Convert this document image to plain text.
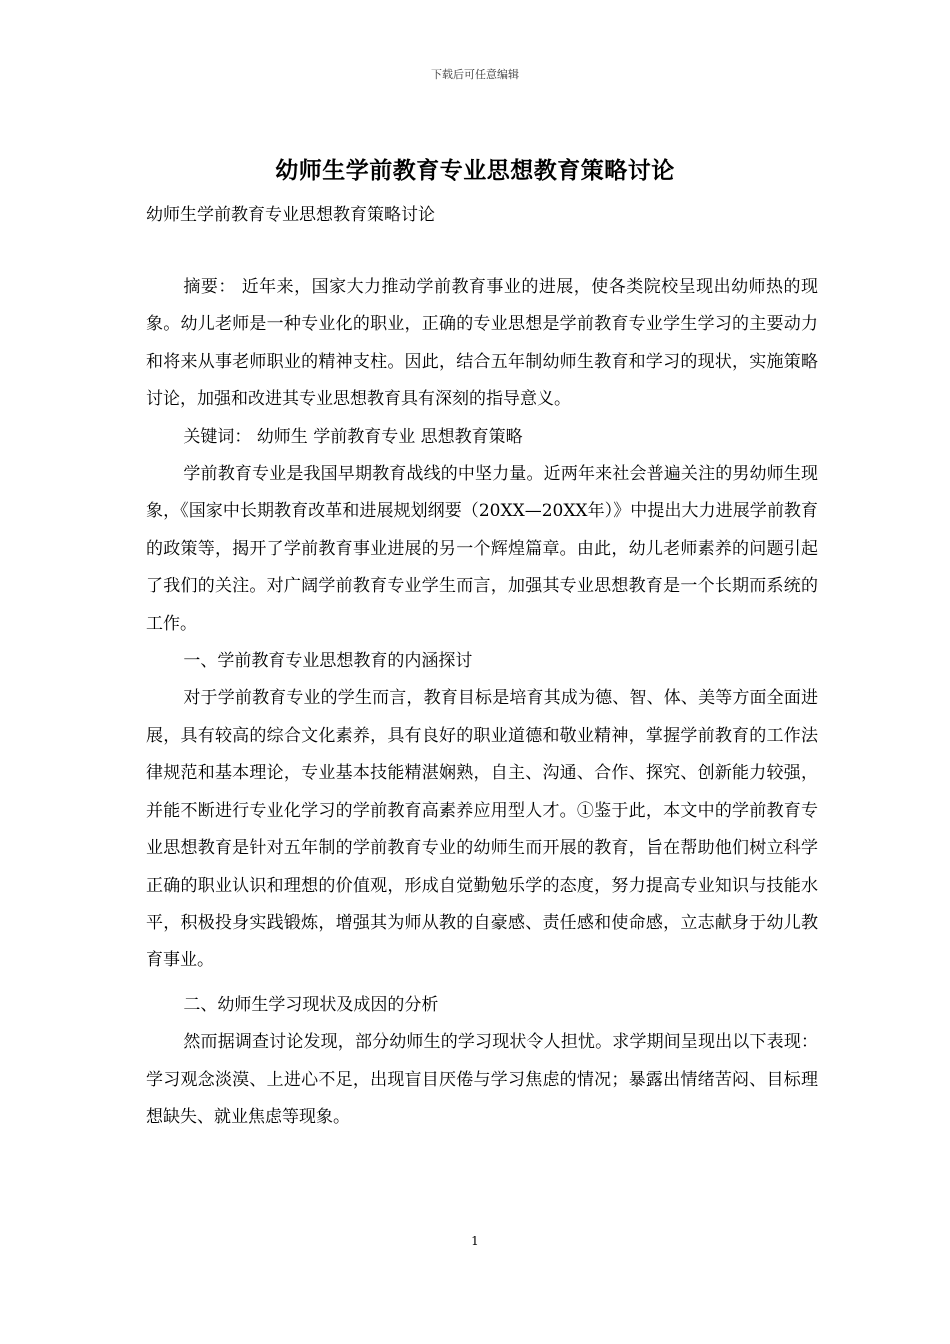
下载后可任意编辑
幼师生学前教育专业思想教育策略讨论
幼师生学前教育专业思想教育策略讨论

摘要： 近年来，国家大力推动学前教育事业的进展，使各类院校呈现出幼师热的现象。幼儿老师是一种专业化的职业，正确的专业思想是学前教育专业学生学习的主要动力和将来从事老师职业的精神支柱。因此，结合五年制幼师生教育和学习的现状，实施策略讨论，加强和改进其专业思想教育具有深刻的指导意义。

关键词： 幼师生 学前教育专业 思想教育策略

学前教育专业是我国早期教育战线的中坚力量。近两年来社会普遍关注的男幼师生现象，《国家中长期教育改革和进展规划纲要（20XX—20XX年）》中提出大力进展学前教育的政策等，揭开了学前教育事业进展的另一个辉煌篇章。由此，幼儿老师素养的问题引起了我们的关注。对广阔学前教育专业学生而言，加强其专业思想教育是一个长期而系统的工作。

一、学前教育专业思想教育的内涵探讨

对于学前教育专业的学生而言，教育目标是培育其成为德、智、体、美等方面全面进展，具有较高的综合文化素养，具有良好的职业道德和敬业精神，掌握学前教育的工作法律规范和基本理论，专业基本技能精湛娴熟，自主、沟通、合作、探究、创新能力较强，并能不断进行专业化学习的学前教育高素养应用型人才。①鉴于此，本文中的学前教育专业思想教育是针对五年制的学前教育专业的幼师生而开展的教育，旨在帮助他们树立科学正确的职业认识和理想的价值观，形成自觉勤勉乐学的态度，努力提高专业知识与技能水平，积极投身实践锻炼，增强其为师从教的自豪感、责任感和使命感，立志献身于幼儿教育事业。

二、幼师生学习现状及成因的分析

然而据调查讨论发现，部分幼师生的学习现状令人担忧。求学期间呈现出以下表现：学习观念淡漠、上进心不足，出现盲目厌倦与学习焦虑的情况；暴露出情绪苦闷、目标理想缺失、就业焦虑等现象。

1
